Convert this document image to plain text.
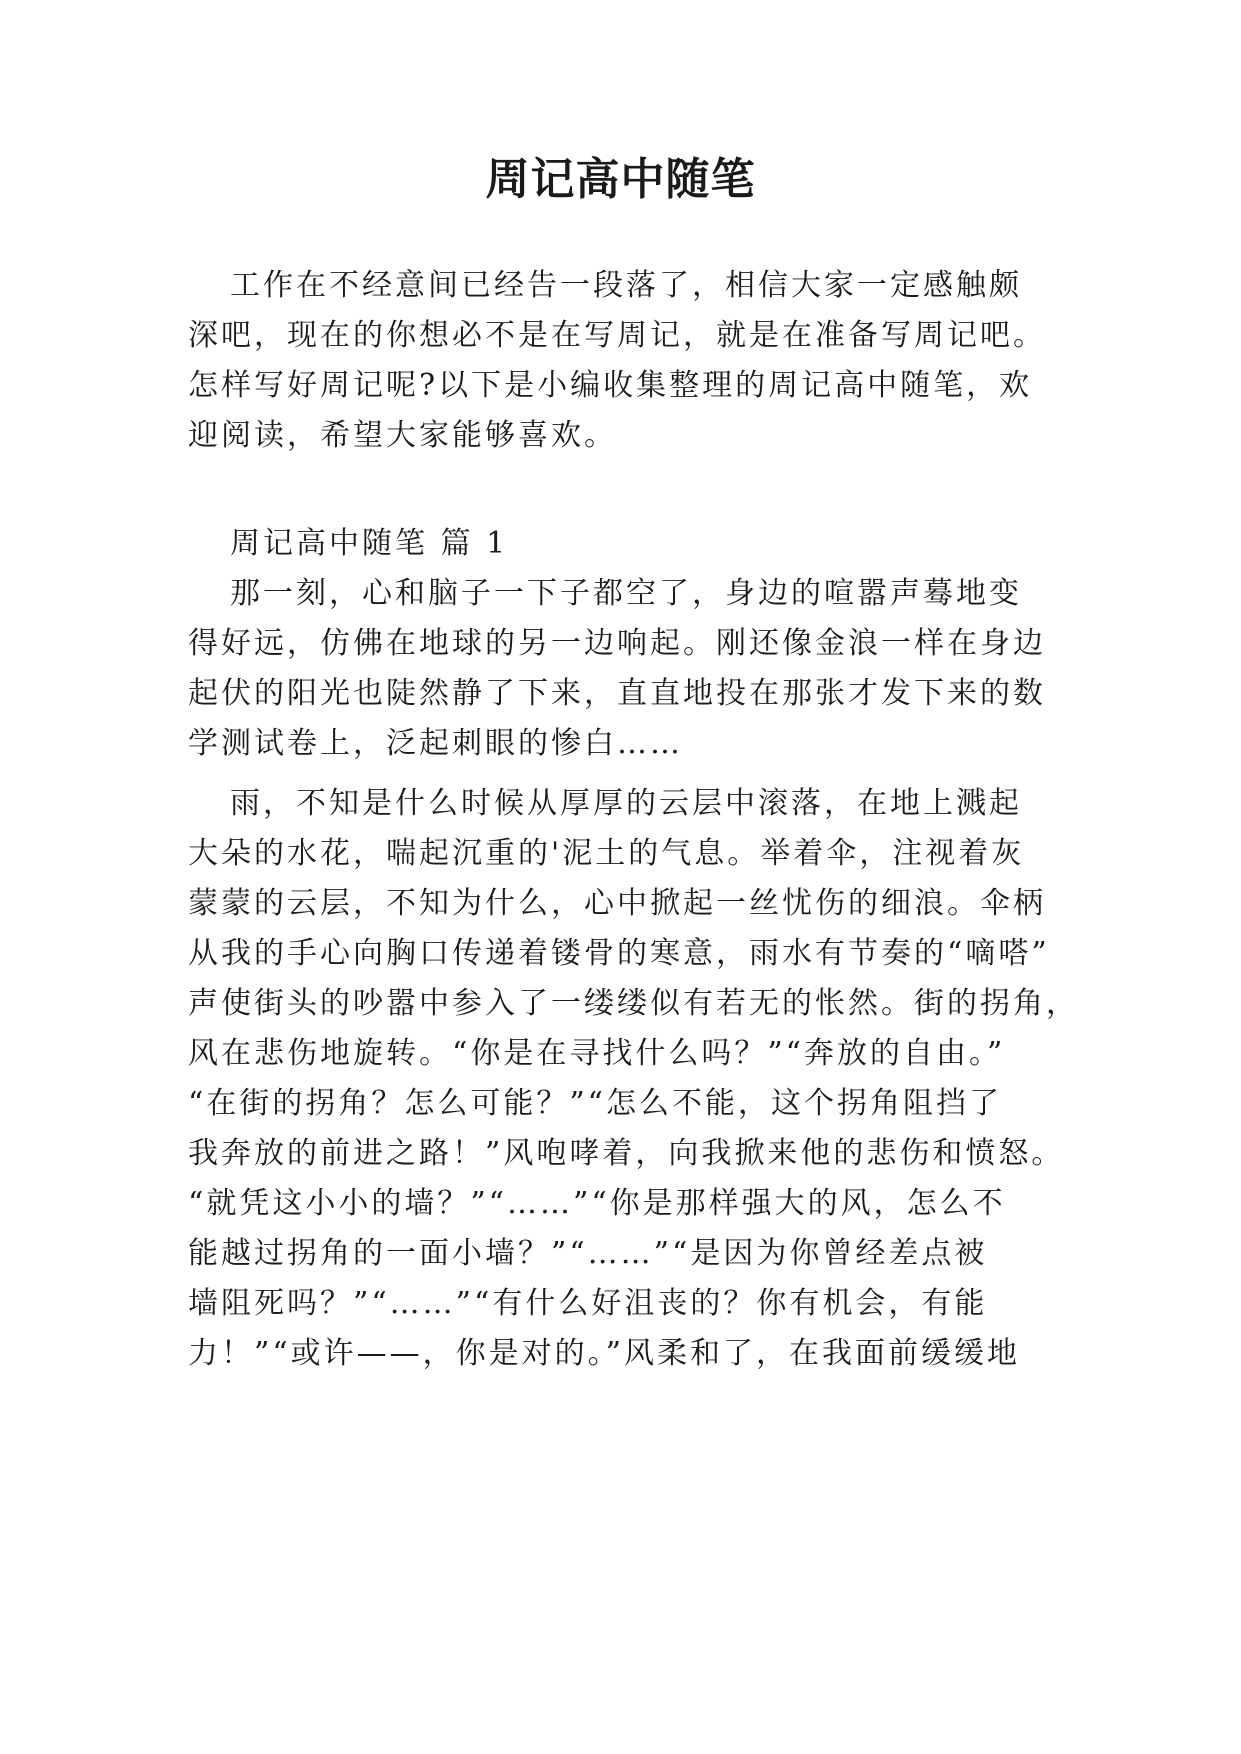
周记高中随笔
工作在不经意间已经告一段落了，相信大家一定感触颇
深吧，现在的你想必不是在写周记，就是在准备写周记吧。
怎样写好周记呢?以下是小编收集整理的周记高中随笔，欢
迎阅读，希望大家能够喜欢。
周记高中随笔 篇 1
那一刻，心和脑子一下子都空了，身边的喧嚣声蓦地变
得好远，仿佛在地球的另一边响起。刚还像金浪一样在身边
起伏的阳光也陡然静了下来，直直地投在那张才发下来的数
学测试卷上，泛起刺眼的惨白……
雨，不知是什么时候从厚厚的云层中滚落，在地上溅起
大朵的水花，喘起沉重的'泥土的气息。举着伞，注视着灰
蒙蒙的云层，不知为什么，心中掀起一丝忧伤的细浪。伞柄
从我的手心向胸口传递着镂骨的寒意，雨水有节奏的“嘀嗒”
声使街头的吵嚣中参入了一缕缕似有若无的怅然。街的拐角，
风在悲伤地旋转。“你是在寻找什么吗？”“奔放的自由。”
“在街的拐角？怎么可能？”“怎么不能，这个拐角阻挡了
我奔放的前进之路！”风咆哮着，向我掀来他的悲伤和愤怒。
“就凭这小小的墙？”“……”“你是那样强大的风，怎么不
能越过拐角的一面小墙？”“……”“是因为你曾经差点被
墙阻死吗？”“……”“有什么好沮丧的？你有机会，有能
力！”“或许——，你是对的。”风柔和了，在我面前缓缓地
